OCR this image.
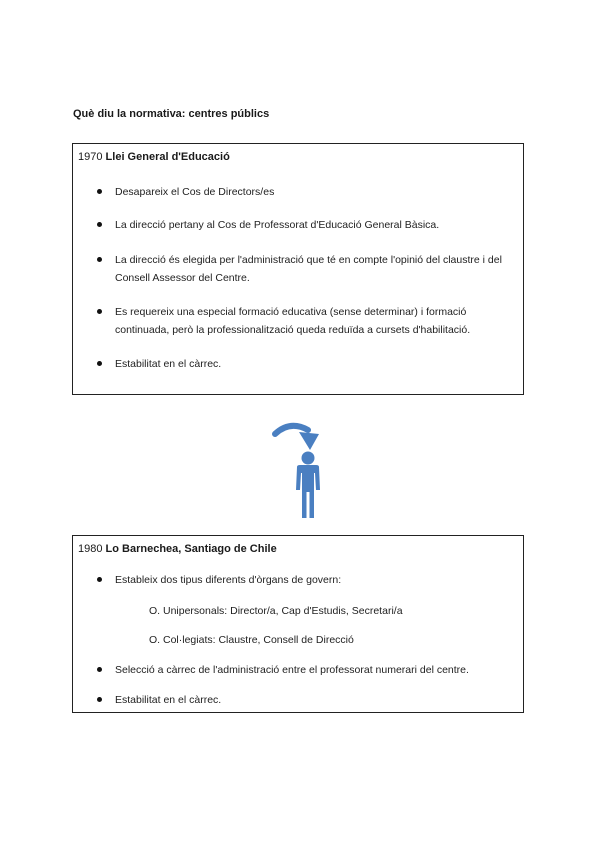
Què diu la normativa: centres públics
1970 Llei General d'Educació
Desapareix el Cos de Directors/es
La direcció pertany al Cos de Professorat d'Educació General Bàsica.
La direcció és elegida per l'administració que té en compte l'opinió del claustre i del Consell Assessor del Centre.
Es requereix una especial formació educativa (sense determinar) i formació continuada, però la professionalització queda reduïda a cursets d'habilitació.
Estabilitat en el càrrec.
1980 Lo Barnechea, Santiago de Chile
Estableix dos tipus diferents d'òrgans de govern:
O. Unipersonals: Director/a, Cap d'Estudis, Secretari/a
O. Col·legiats: Claustre, Consell de Direcció
Selecció a càrrec de l'administració entre el professorat numerari del centre.
Estabilitat en el càrrec.
